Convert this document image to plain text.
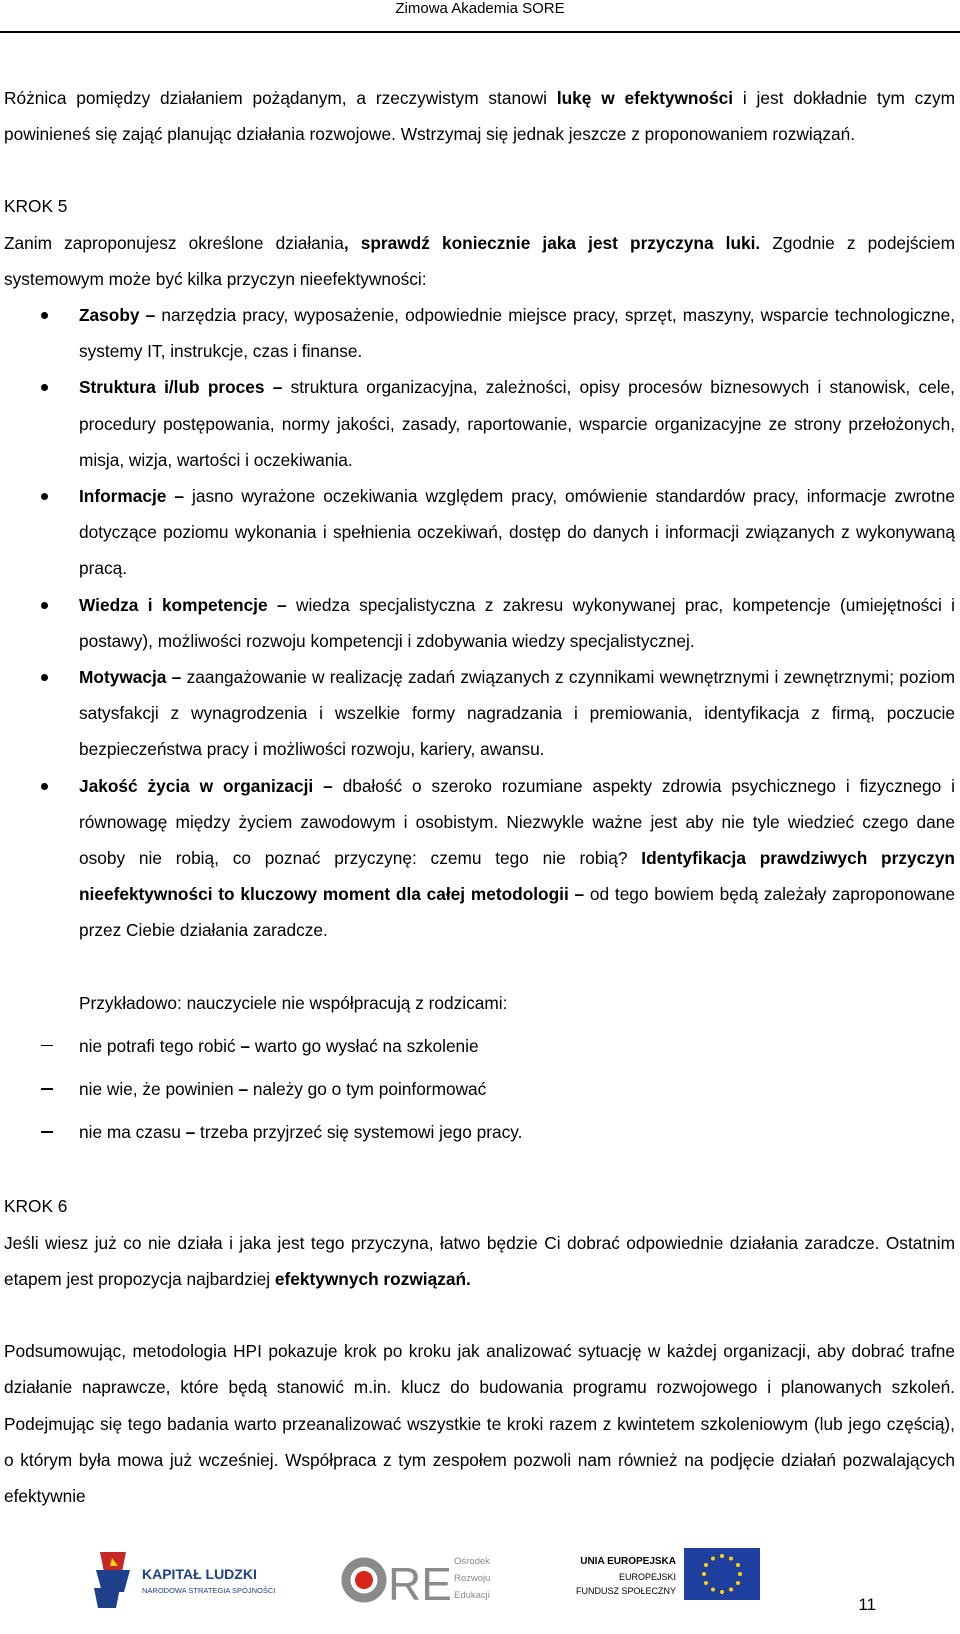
Zimowa Akademia SORE

Różnica pomiędzy działaniem pożądanym, a rzeczywistym stanowi lukę w efektywności i jest dokładnie tym czym powinieneś się zająć planując działania rozwojowe. Wstrzymaj się jednak jeszcze z proponowaniem rozwiązań.

KROK 5

Zanim zaproponujesz określone działania, sprawdź koniecznie jaka jest przyczyna luki. Zgodnie z podejściem systemowym może być kilka przyczyn nieefektywności:

Zasoby – narzędzia pracy, wyposażenie, odpowiednie miejsce pracy, sprzęt, maszyny, wsparcie technologiczne, systemy IT, instrukcje, czas i finanse.
Struktura i/lub proces – struktura organizacyjna, zależności, opisy procesów biznesowych i stanowisk, cele, procedury postępowania, normy jakości, zasady, raportowanie, wsparcie organizacyjne ze strony przełożonych, misja, wizja, wartości i oczekiwania.
Informacje – jasno wyrażone oczekiwania względem pracy, omówienie standardów pracy, informacje zwrotne dotyczące poziomu wykonania i spełnienia oczekiwań, dostęp do danych i informacji związanych z wykonywaną pracą.
Wiedza i kompetencje – wiedza specjalistyczna z zakresu wykonywanej prac, kompetencje (umiejętności i postawy), możliwości rozwoju kompetencji i zdobywania wiedzy specjalistycznej.
Motywacja – zaangażowanie w realizację zadań związanych z czynnikami wewnętrznymi i zewnętrznymi; poziom satysfakcji z wynagrodzenia i wszelkie formy nagradzania i premiowania, identyfikacja z firmą, poczucie bezpieczeństwa pracy i możliwości rozwoju, kariery, awansu.
Jakość życia w organizacji – dbałość o szeroko rozumiane aspekty zdrowia psychicznego i fizycznego i równowagę między życiem zawodowym i osobistym. Niezwykle ważne jest aby nie tyle wiedzieć czego dane osoby nie robią, co poznać przyczynę: czemu tego nie robią? Identyfikacja prawdziwych przyczyn nieefektywności to kluczowy moment dla całej metodologii – od tego bowiem będą zależały zaproponowane przez Ciebie działania zaradcze.

Przykładowo: nauczyciele nie współpracują z rodzicami:

nie potrafi tego robić – warto go wysłać na szkolenie
nie wie, że powinien – należy go o tym poinformować
nie ma czasu – trzeba przyjrzeć się systemowi jego pracy.

KROK 6

Jeśli wiesz już co nie działa i jaka jest tego przyczyna, łatwo będzie Ci dobrać odpowiednie działania zaradcze. Ostatnim etapem jest propozycja najbardziej efektywnych rozwiązań.

Podsumowując, metodologia HPI pokazuje krok po kroku jak analizować sytuację w każdej organizacji, aby dobrać trafne działanie naprawcze, które będą stanowić m.in. klucz do budowania programu rozwojowego i planowanych szkoleń. Podejmując się tego badania warto przeanalizować wszystkie te kroki razem z kwintetem szkoleniowym (lub jego częścią), o którym była mowa już wcześniej. Współpraca z tym zespołem pozwoli nam również na podjęcie działań pozwalających efektywnie

KAPITAŁ LUDZKI
NARODOWA STRATEGIA SPÓJNOŚCI RE Ośrodek
Rozwoju
Edukacji
UNIA EUROPEJSKA
EUROPEJSKI
FUNDUSZ SPOŁECZNY
11
